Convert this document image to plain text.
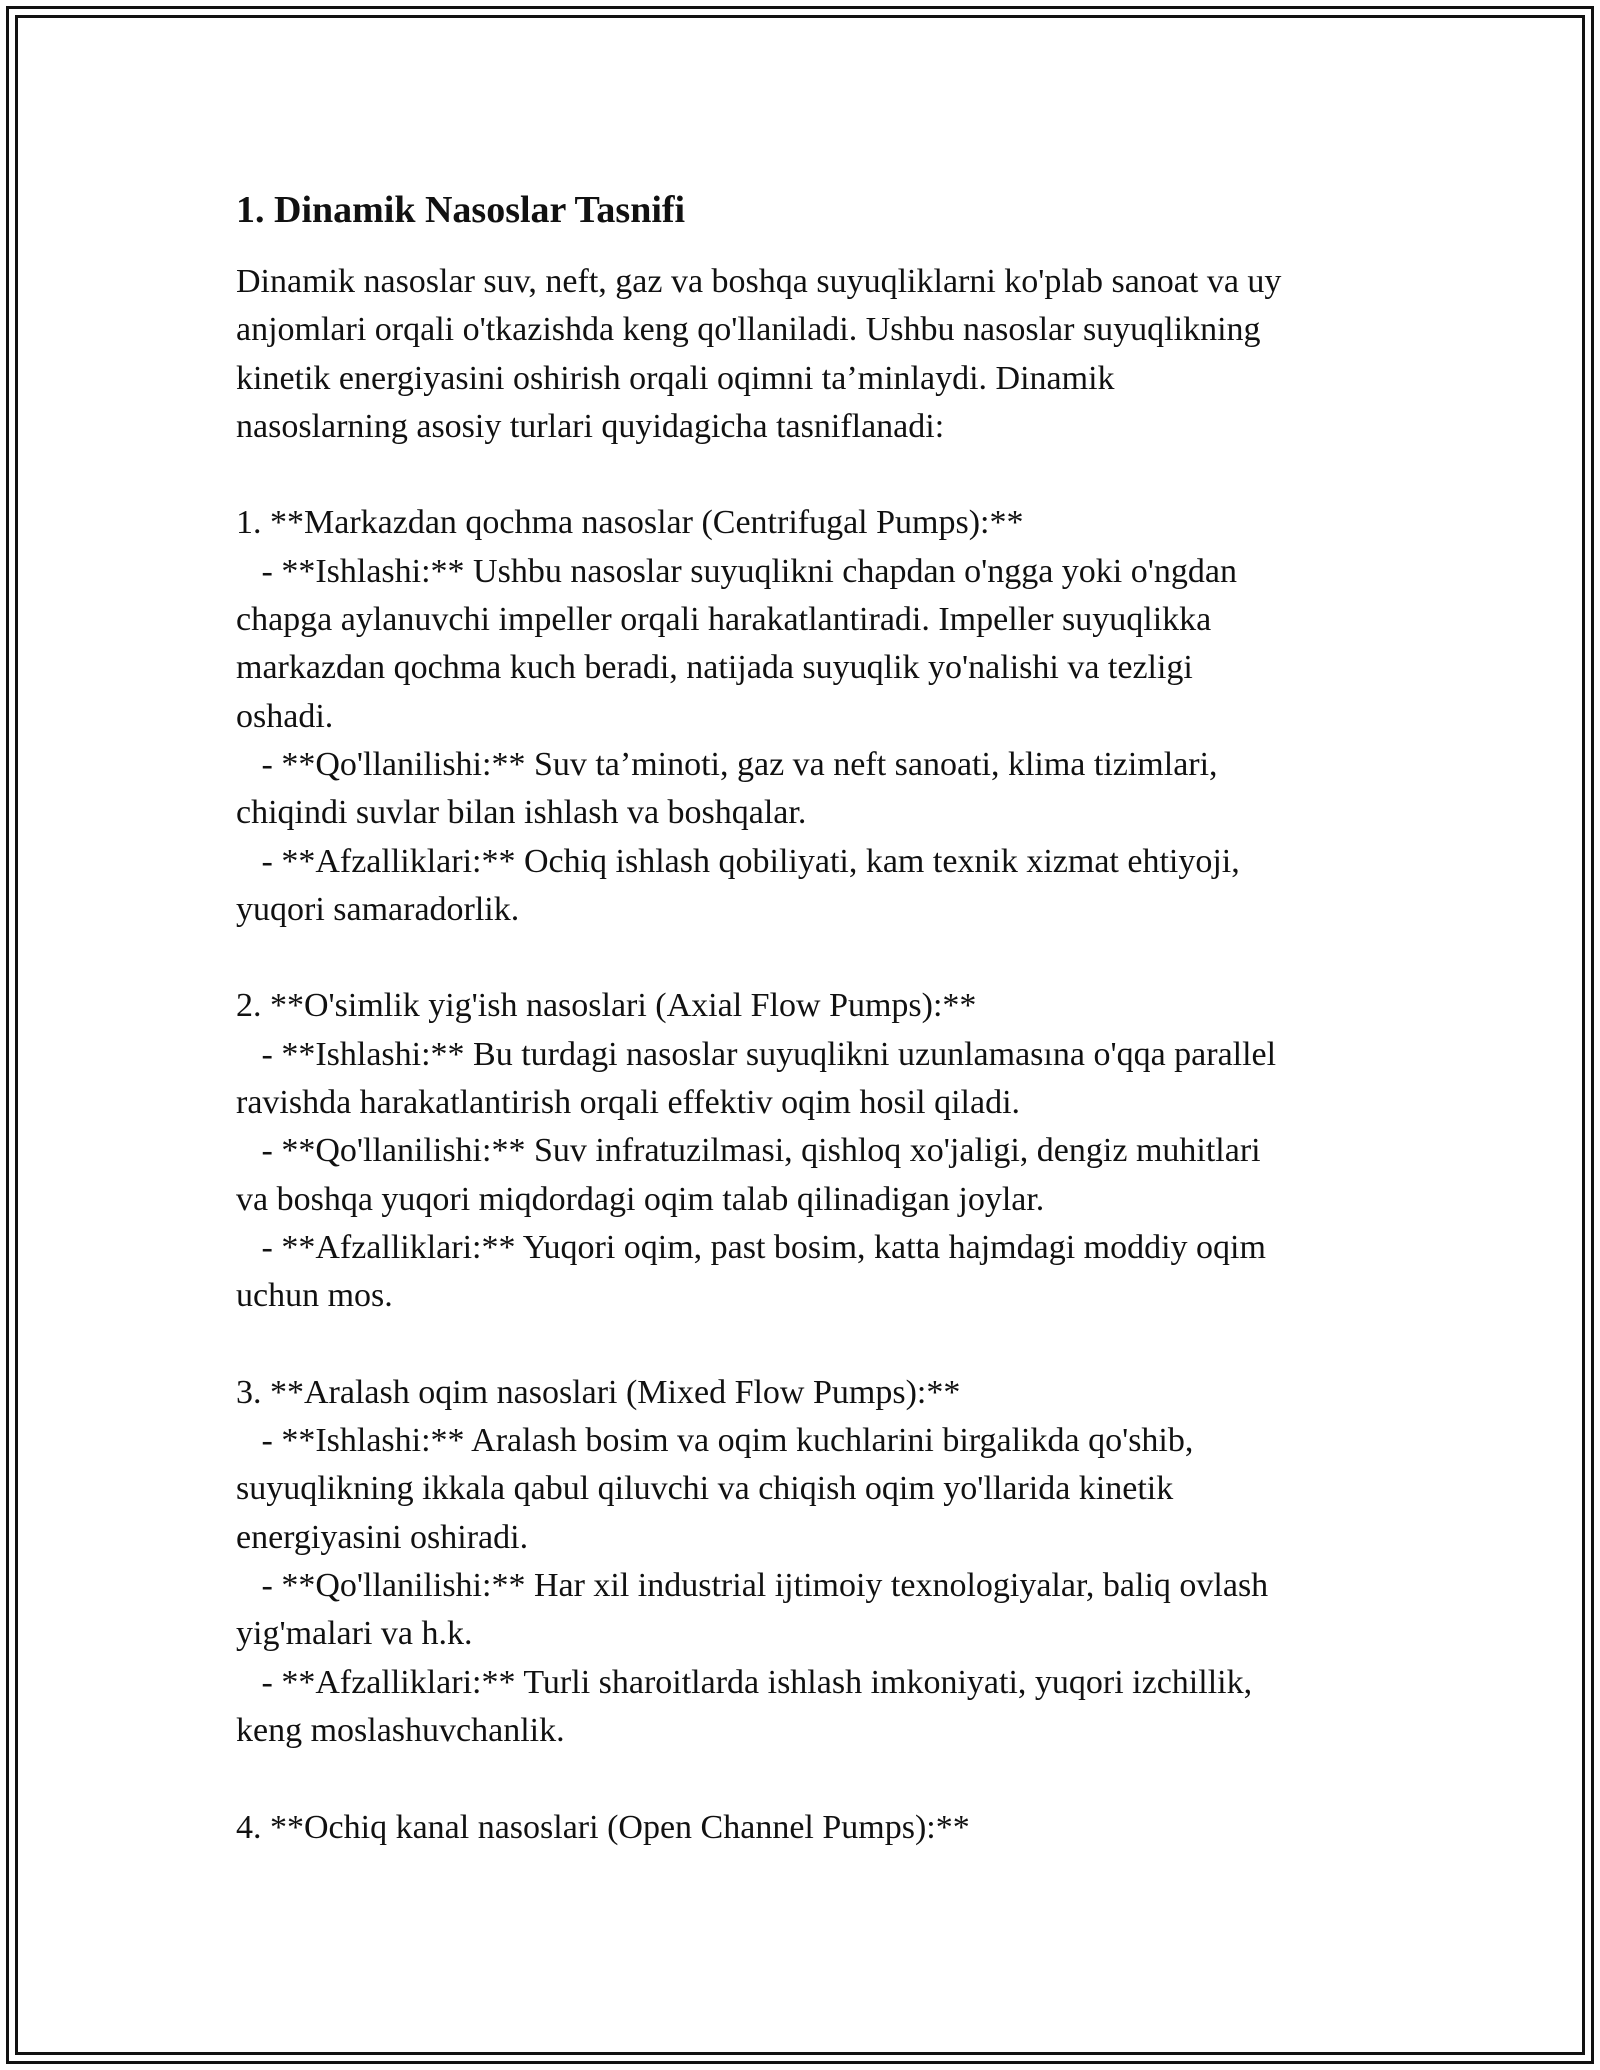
1. Dinamik Nasoslar Tasnifi
Dinamik nasoslar suv, neft, gaz va boshqa suyuqliklarni ko'plab sanoat va uy
anjomlari orqali o'tkazishda keng qo'llaniladi. Ushbu nasoslar suyuqlikning
kinetik energiyasini oshirish orqali oqimni ta’minlaydi. Dinamik
nasoslarning asosiy turlari quyidagicha tasniflanadi:
1. **Markazdan qochma nasoslar (Centrifugal Pumps):**
- **Ishlashi:** Ushbu nasoslar suyuqlikni chapdan o'ngga yoki o'ngdan
chapga aylanuvchi impeller orqali harakatlantiradi. Impeller suyuqlikka
markazdan qochma kuch beradi, natijada suyuqlik yo'nalishi va tezligi
oshadi.
- **Qo'llanilishi:** Suv ta’minoti, gaz va neft sanoati, klima tizimlari,
chiqindi suvlar bilan ishlash va boshqalar.
- **Afzalliklari:** Ochiq ishlash qobiliyati, kam texnik xizmat ehtiyoji,
yuqori samaradorlik.
2. **O'simlik yig'ish nasoslari (Axial Flow Pumps):**
- **Ishlashi:** Bu turdagi nasoslar suyuqlikni uzunlamasına o'qqa parallel
ravishda harakatlantirish orqali effektiv oqim hosil qiladi.
- **Qo'llanilishi:** Suv infratuzilmasi, qishloq xo'jaligi, dengiz muhitlari
va boshqa yuqori miqdordagi oqim talab qilinadigan joylar.
- **Afzalliklari:** Yuqori oqim, past bosim, katta hajmdagi moddiy oqim
uchun mos.
3. **Aralash oqim nasoslari (Mixed Flow Pumps):**
- **Ishlashi:** Aralash bosim va oqim kuchlarini birgalikda qo'shib,
suyuqlikning ikkala qabul qiluvchi va chiqish oqim yo'llarida kinetik
energiyasini oshiradi.
- **Qo'llanilishi:** Har xil industrial ijtimoiy texnologiyalar, baliq ovlash
yig'malari va h.k.
- **Afzalliklari:** Turli sharoitlarda ishlash imkoniyati, yuqori izchillik,
keng moslashuvchanlik.
4. **Ochiq kanal nasoslari (Open Channel Pumps):**
